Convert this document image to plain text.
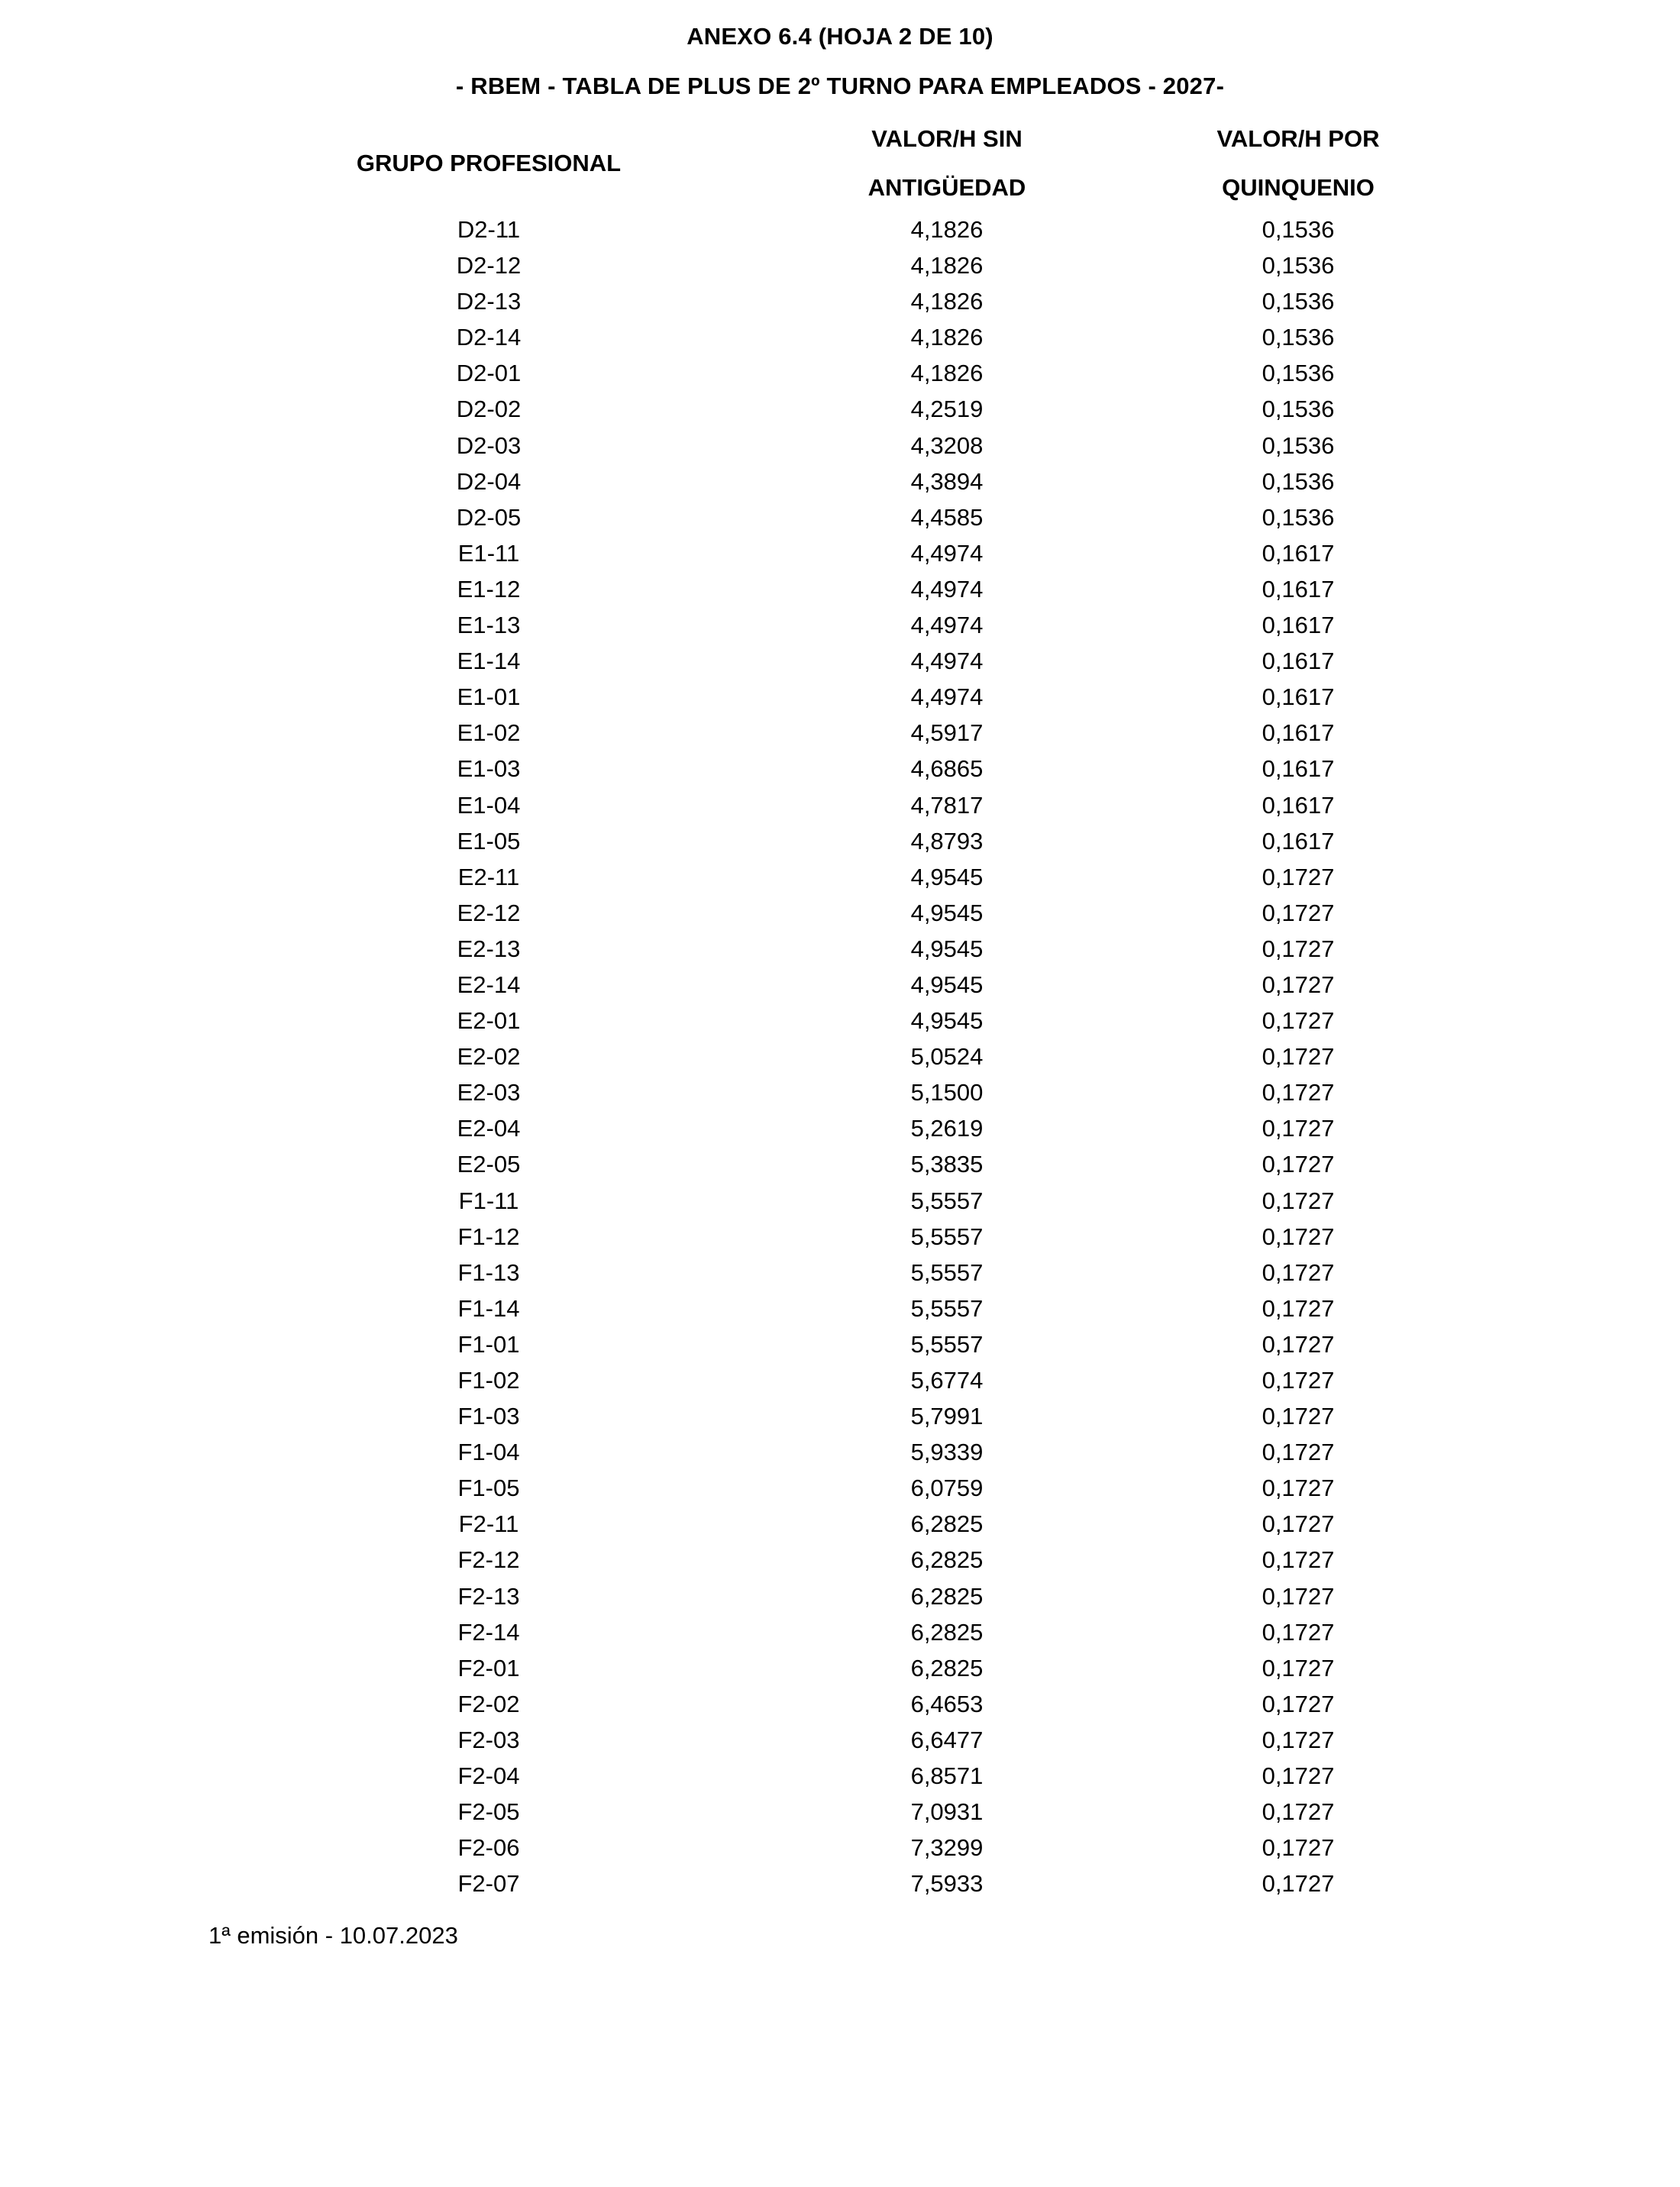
ANEXO 6.4 (HOJA 2 DE 10)
- RBEM - TABLA DE PLUS DE 2º TURNO PARA EMPLEADOS - 2027-
GRUPO PROFESIONAL
VALOR/H SIN
ANTIGÜEDAD
VALOR/H POR
QUINQUENIO
D2-11	4,1826	0,1536
D2-12	4,1826	0,1536
D2-13	4,1826	0,1536
D2-14	4,1826	0,1536
D2-01	4,1826	0,1536
D2-02	4,2519	0,1536
D2-03	4,3208	0,1536
D2-04	4,3894	0,1536
D2-05	4,4585	0,1536
E1-11	4,4974	0,1617
E1-12	4,4974	0,1617
E1-13	4,4974	0,1617
E1-14	4,4974	0,1617
E1-01	4,4974	0,1617
E1-02	4,5917	0,1617
E1-03	4,6865	0,1617
E1-04	4,7817	0,1617
E1-05	4,8793	0,1617
E2-11	4,9545	0,1727
E2-12	4,9545	0,1727
E2-13	4,9545	0,1727
E2-14	4,9545	0,1727
E2-01	4,9545	0,1727
E2-02	5,0524	0,1727
E2-03	5,1500	0,1727
E2-04	5,2619	0,1727
E2-05	5,3835	0,1727
F1-11	5,5557	0,1727
F1-12	5,5557	0,1727
F1-13	5,5557	0,1727
F1-14	5,5557	0,1727
F1-01	5,5557	0,1727
F1-02	5,6774	0,1727
F1-03	5,7991	0,1727
F1-04	5,9339	0,1727
F1-05	6,0759	0,1727
F2-11	6,2825	0,1727
F2-12	6,2825	0,1727
F2-13	6,2825	0,1727
F2-14	6,2825	0,1727
F2-01	6,2825	0,1727
F2-02	6,4653	0,1727
F2-03	6,6477	0,1727
F2-04	6,8571	0,1727
F2-05	7,0931	0,1727
F2-06	7,3299	0,1727
F2-07	7,5933	0,1727
1ª emisión - 10.07.2023
